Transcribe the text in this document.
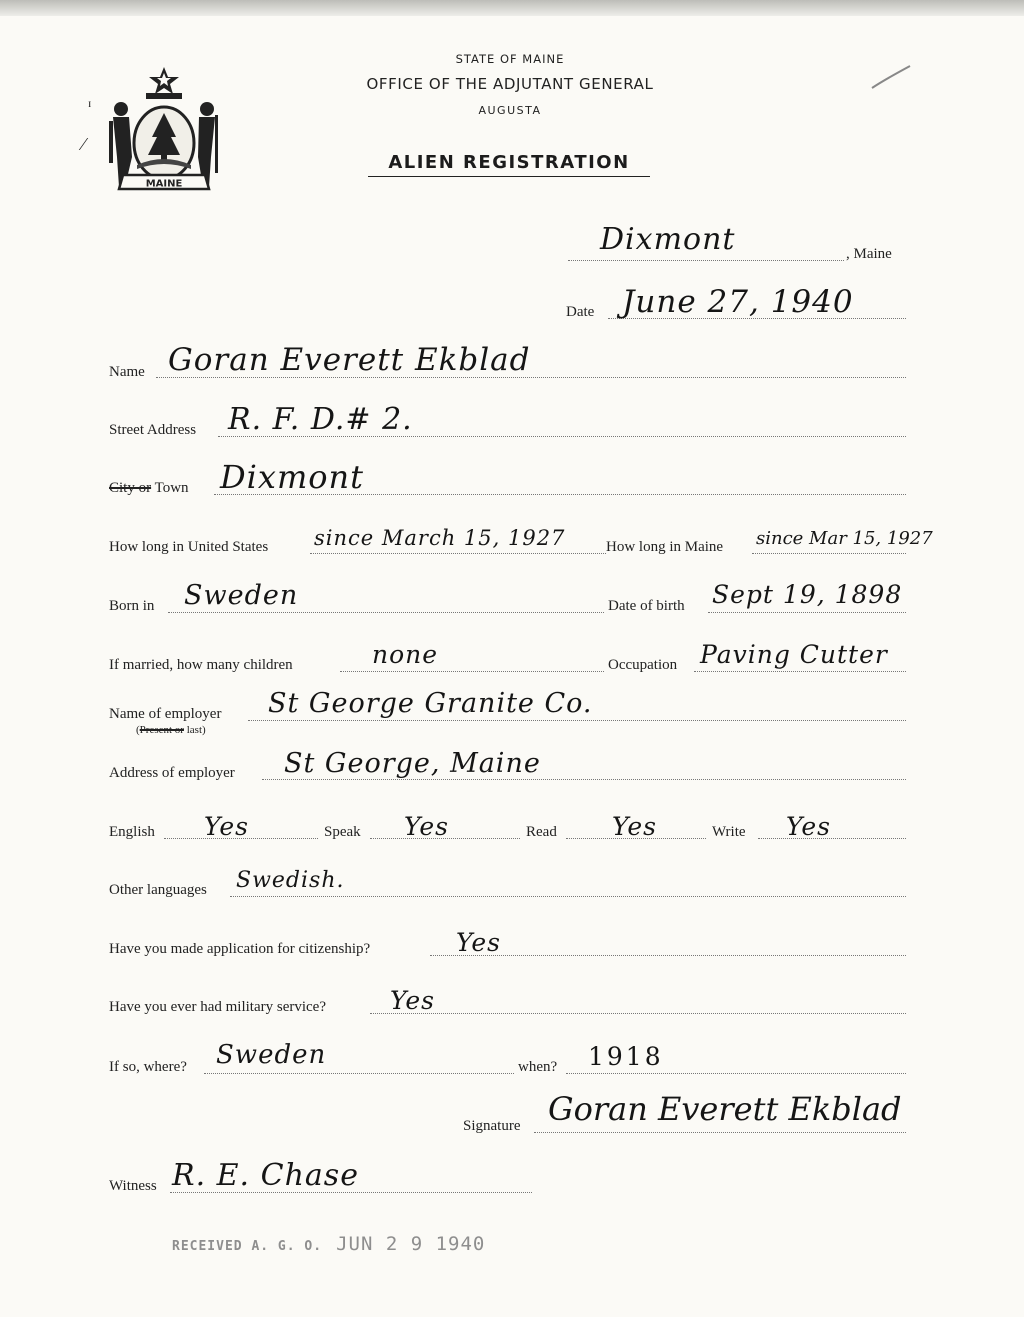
MAINE
ɪ
⁄
STATE OF MAINE
OFFICE OF THE ADJUTANT GENERAL
AUGUSTA
ALIEN REGISTRATION
Dixmont	, Maine
Date June 27, 1940
Name Goran Everett Ekblad
Street Address R. F. D.# 2.
City or Town Dixmont
How long in United States since March 15, 1927	How long in Maine since Mar 15, 1927
Born in Sweden	Date of birth Sept 19, 1898
If married, how many children	none	Occupation Paving Cutter
Name of employer
(Present or last)
St George Granite Co.
Address of employer St George, Maine
English Yes	Speak Yes	Read Yes	Write Yes
Other languages Swedish.
Have you made application for citizenship?	Yes
Have you ever had military service?	Yes
If so, where? Sweden	when? 1918
Signature Goran Everett Ekblad
Witness R. E. Chase
RECEIVED A. G. O. JUN 2 9 1940
